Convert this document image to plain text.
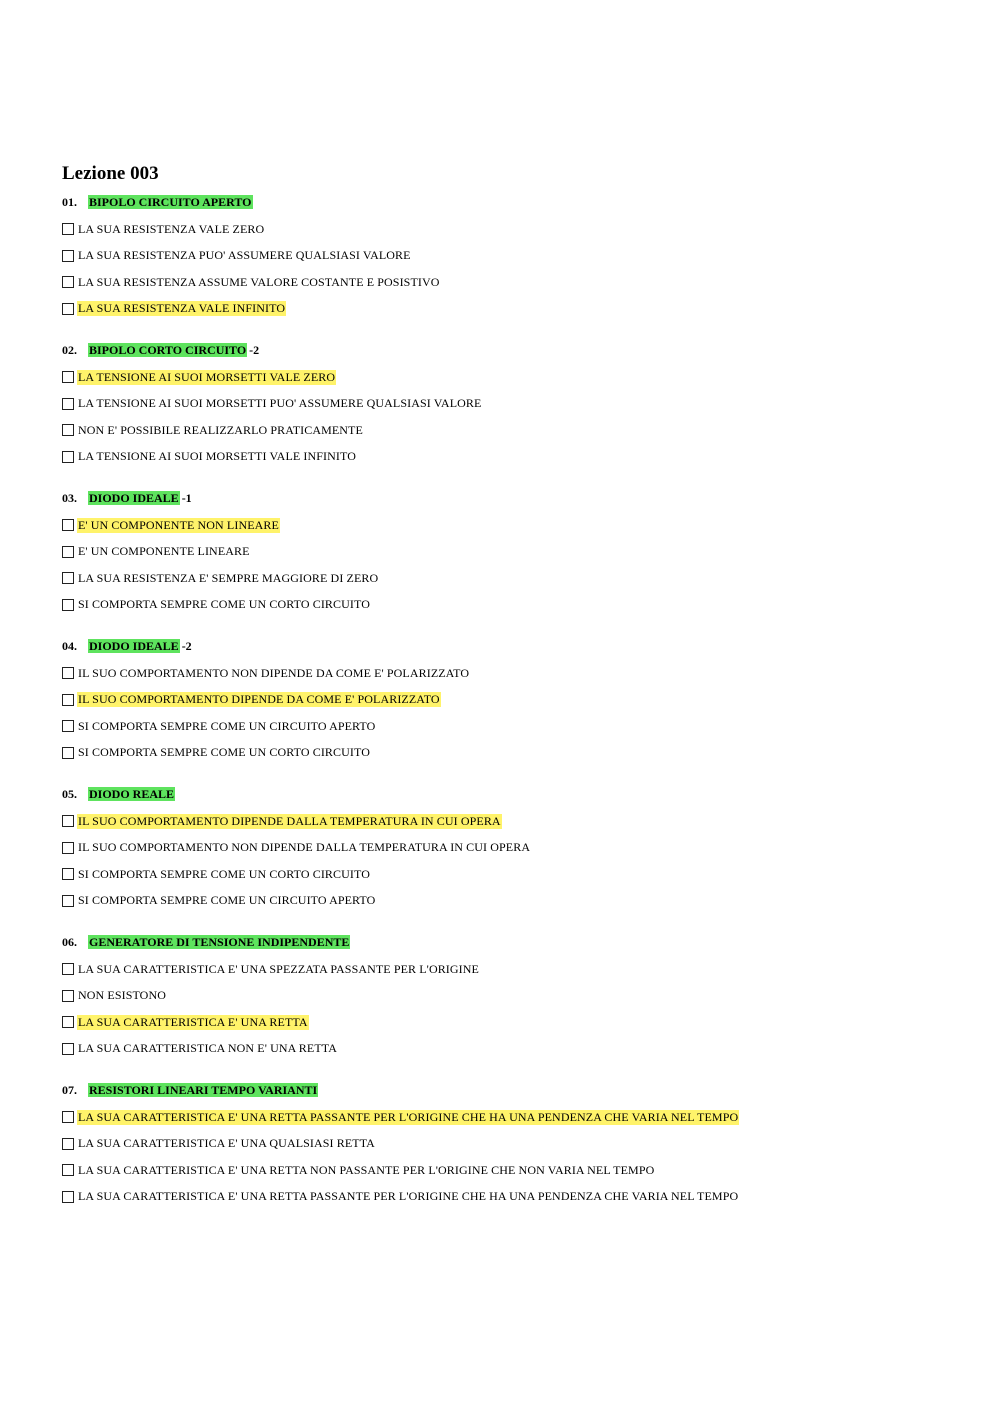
Lezione 003
01. BIPOLO CIRCUITO APERTO
LA SUA RESISTENZA VALE ZERO
LA SUA RESISTENZA PUO' ASSUMERE QUALSIASI VALORE
LA SUA RESISTENZA ASSUME VALORE COSTANTE E POSISTIVO
LA SUA RESISTENZA VALE INFINITO
02. BIPOLO CORTO CIRCUITO -2
LA TENSIONE AI SUOI MORSETTI VALE ZERO
LA TENSIONE AI SUOI MORSETTI PUO' ASSUMERE QUALSIASI VALORE
NON E' POSSIBILE REALIZZARLO PRATICAMENTE
LA TENSIONE AI SUOI MORSETTI VALE INFINITO
03. DIODO IDEALE -1
E' UN COMPONENTE NON LINEARE
E' UN COMPONENTE LINEARE
LA SUA RESISTENZA E' SEMPRE MAGGIORE DI ZERO
SI COMPORTA SEMPRE COME UN CORTO CIRCUITO
04. DIODO IDEALE -2
IL SUO COMPORTAMENTO NON DIPENDE DA COME E' POLARIZZATO
IL SUO COMPORTAMENTO DIPENDE DA COME E' POLARIZZATO
SI COMPORTA SEMPRE COME UN CIRCUITO APERTO
SI COMPORTA SEMPRE COME UN CORTO CIRCUITO
05. DIODO REALE
IL SUO COMPORTAMENTO DIPENDE DALLA TEMPERATURA IN CUI OPERA
IL SUO COMPORTAMENTO NON DIPENDE DALLA TEMPERATURA IN CUI OPERA
SI COMPORTA SEMPRE COME UN CORTO CIRCUITO
SI COMPORTA SEMPRE COME UN CIRCUITO APERTO
06. GENERATORE DI TENSIONE INDIPENDENTE
LA SUA CARATTERISTICA E' UNA SPEZZATA PASSANTE PER L'ORIGINE
NON ESISTONO
LA SUA CARATTERISTICA E' UNA RETTA
LA SUA CARATTERISTICA NON E' UNA RETTA
07. RESISTORI LINEARI TEMPO VARIANTI
LA SUA CARATTERISTICA E' UNA RETTA PASSANTE PER L'ORIGINE CHE HA UNA PENDENZA CHE VARIA NEL TEMPO
LA SUA CARATTERISTICA E' UNA QUALSIASI RETTA
LA SUA CARATTERISTICA E' UNA RETTA NON PASSANTE PER L'ORIGINE CHE NON VARIA NEL TEMPO
LA SUA CARATTERISTICA E' UNA RETTA PASSANTE PER L'ORIGINE CHE HA UNA PENDENZA CHE VARIA NEL TEMPO
